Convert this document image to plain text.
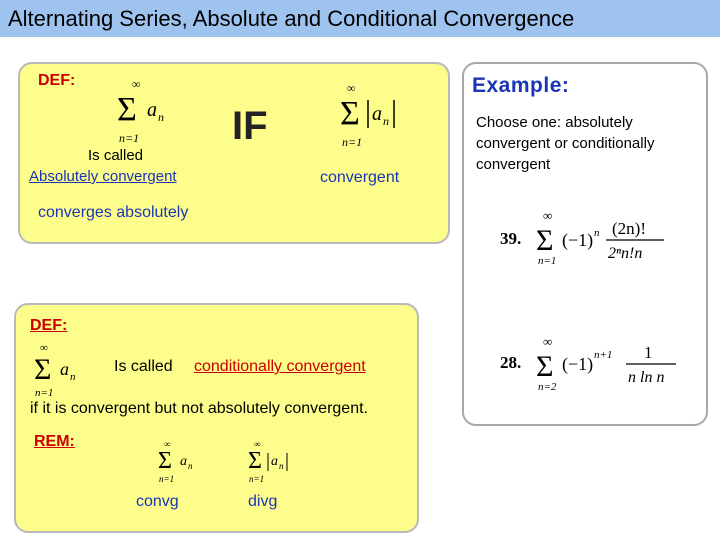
Alternating Series, Absolute and Conditional Convergence
DEF:	∞
Σ a n
n=1 IF
∞
Σ a n
n=1
Is called
Absolutely convergent	convergent
converges absolutely
DEF:
∞
Σ a n
n=1
Is called conditionally convergent
if it is convergent but not absolutely convergent.
REM:	∞
Σ a n
n=1
∞
Σ a n
n=1
convg	divg
Example:
Choose one: absolutely convergent or conditionally convergent
39.
∞
Σ
n=1
(−1) n (2n)!
2ⁿn!n
28.
∞
Σ
n=2
(−1) n+1 1
n ln n
